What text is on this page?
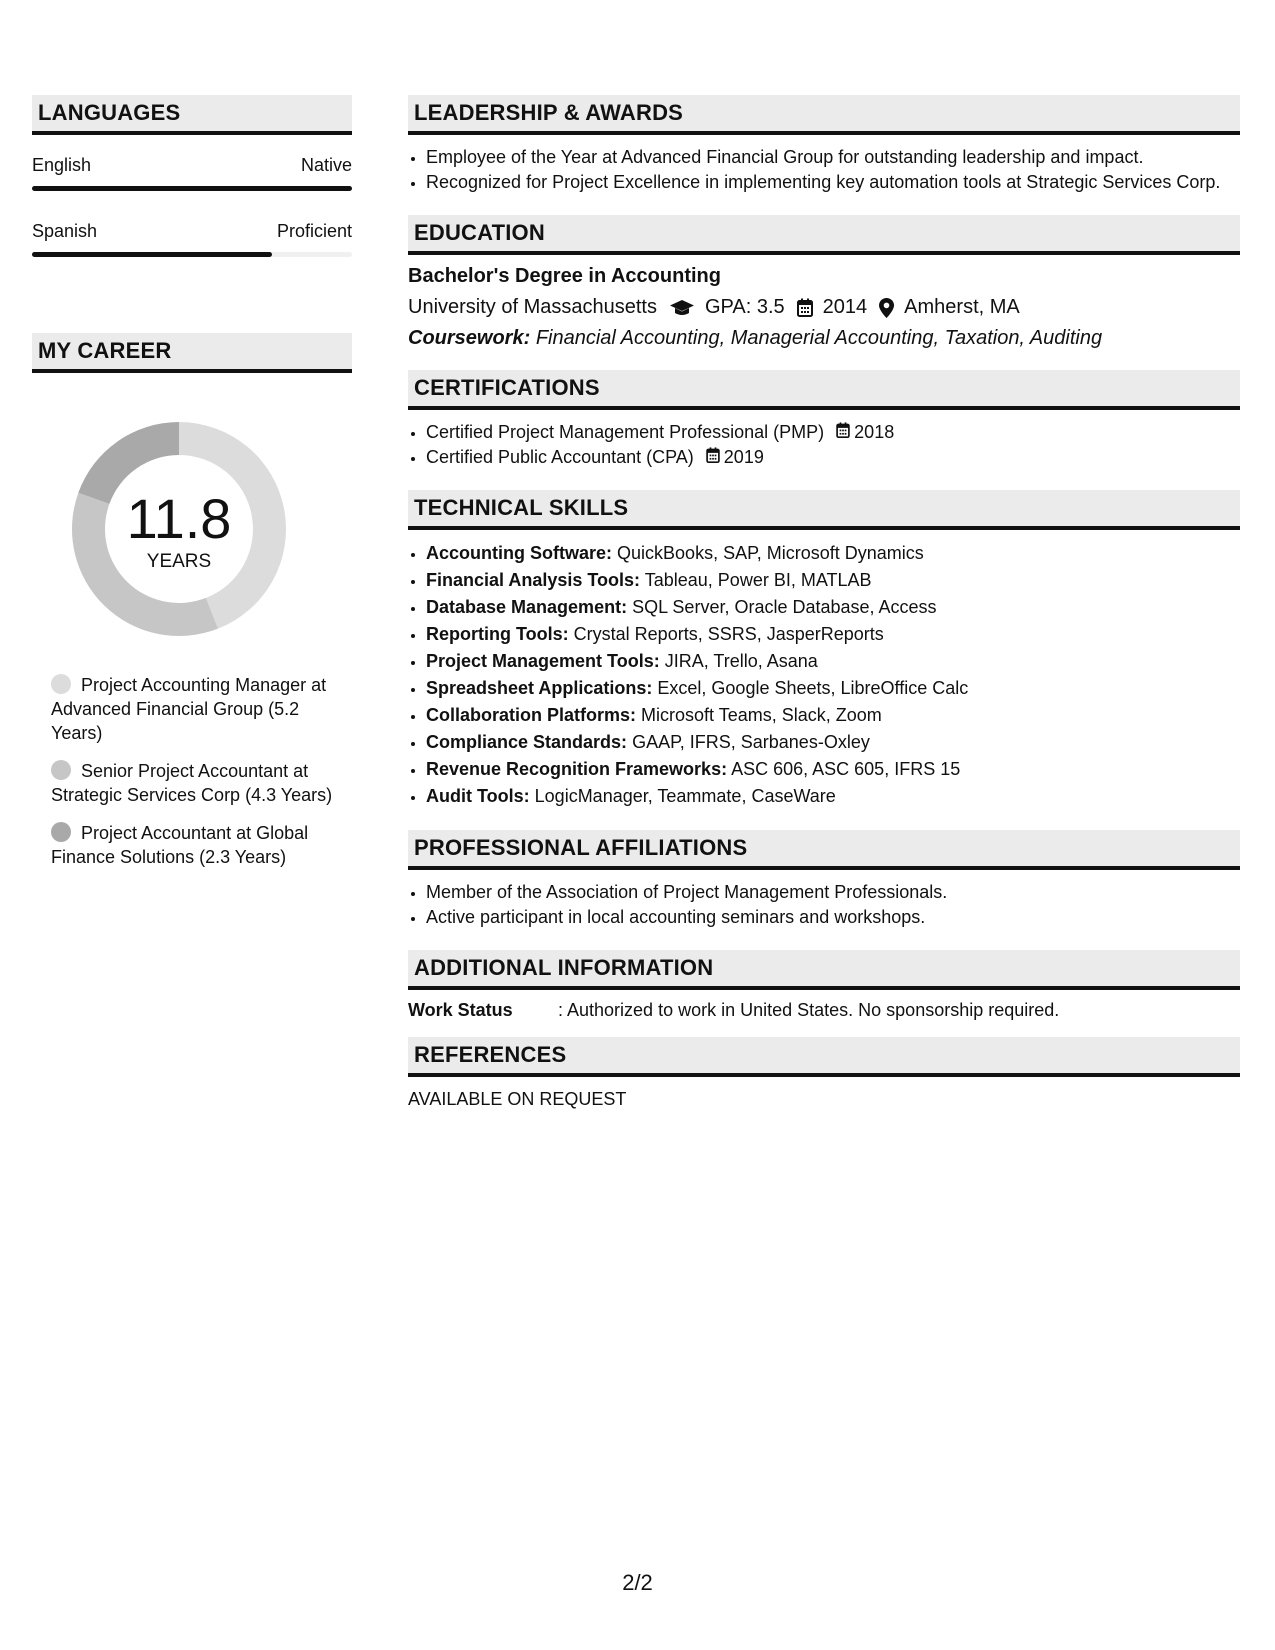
LANGUAGES
English	Native
Spanish	Proficient
MY CAREER
11.8
YEARS
Project Accounting Manager at Advanced Financial Group (5.2 Years)
Senior Project Accountant at Strategic Services Corp (4.3 Years)
Project Accountant at Global Finance Solutions (2.3 Years)
LEADERSHIP & AWARDS
• Employee of the Year at Advanced Financial Group for outstanding leadership and impact.
• Recognized for Project Excellence in implementing key automation tools at Strategic Services Corp.
EDUCATION
Bachelor's Degree in Accounting
University of Massachusetts GPA: 3.5 2014 Amherst, MA
Coursework: Financial Accounting, Managerial Accounting, Taxation, Auditing
CERTIFICATIONS
• Certified Project Management Professional (PMP) 2018
• Certified Public Accountant (CPA) 2019
TECHNICAL SKILLS
• Accounting Software: QuickBooks, SAP, Microsoft Dynamics
• Financial Analysis Tools: Tableau, Power BI, MATLAB
• Database Management: SQL Server, Oracle Database, Access
• Reporting Tools: Crystal Reports, SSRS, JasperReports
• Project Management Tools: JIRA, Trello, Asana
• Spreadsheet Applications: Excel, Google Sheets, LibreOffice Calc
• Collaboration Platforms: Microsoft Teams, Slack, Zoom
• Compliance Standards: GAAP, IFRS, Sarbanes-Oxley
• Revenue Recognition Frameworks: ASC 606, ASC 605, IFRS 15
• Audit Tools: LogicManager, Teammate, CaseWare
PROFESSIONAL AFFILIATIONS
• Member of the Association of Project Management Professionals.
• Active participant in local accounting seminars and workshops.
ADDITIONAL INFORMATION
Work Status	: Authorized to work in United States. No sponsorship required.
REFERENCES
AVAILABLE ON REQUEST
2/2
